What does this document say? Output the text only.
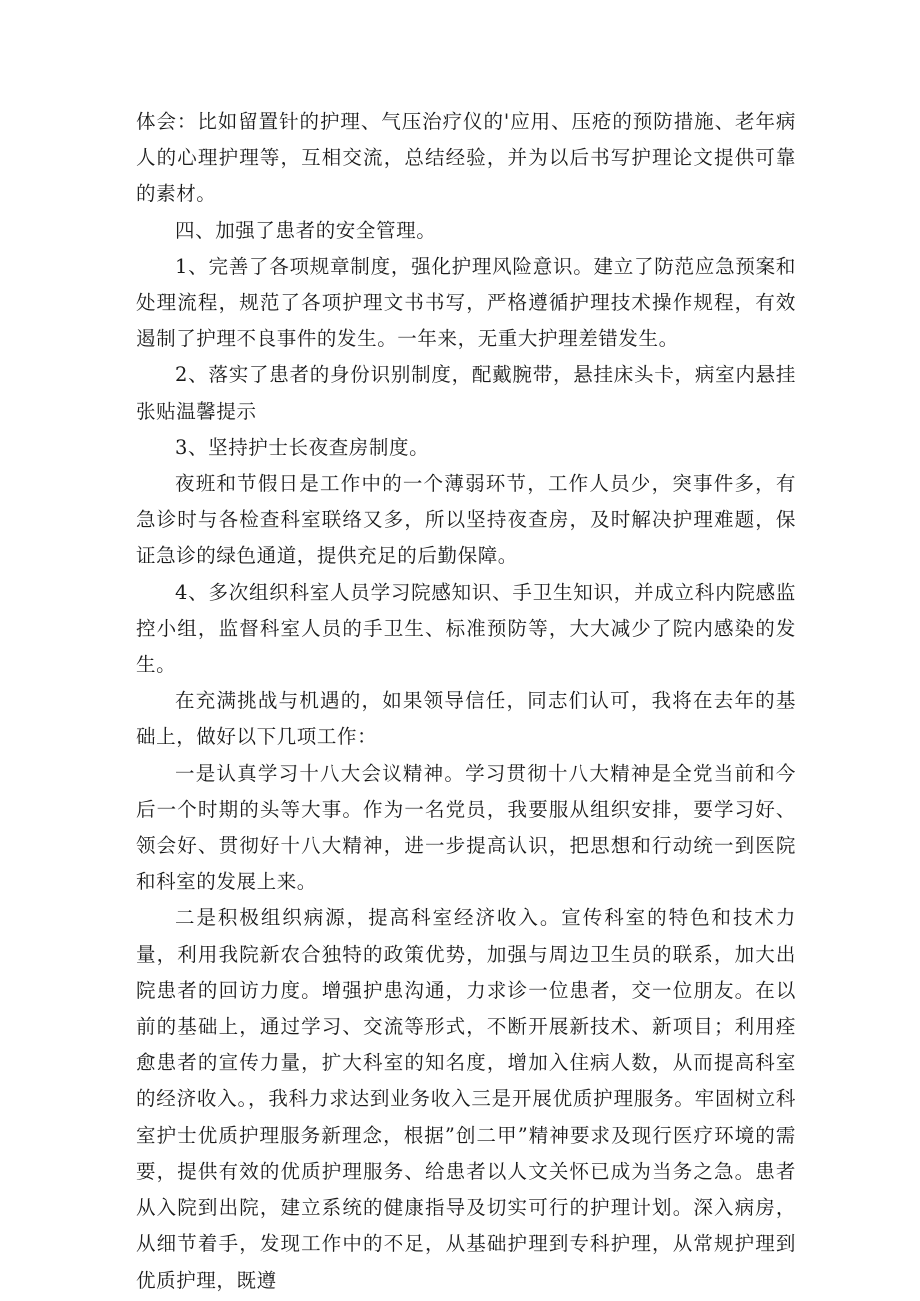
体会：比如留置针的护理、气压治疗仪的'应用、压疮的预防措施、老年病人的心理护理等，互相交流，总结经验，并为以后书写护理论文提供可靠的素材。

四、加强了患者的安全管理。

1、完善了各项规章制度，强化护理风险意识。建立了防范应急预案和处理流程，规范了各项护理文书书写，严格遵循护理技术操作规程，有效遏制了护理不良事件的发生。一年来，无重大护理差错发生。

2、落实了患者的身份识别制度，配戴腕带，悬挂床头卡，病室内悬挂张贴温馨提示

3、坚持护士长夜查房制度。

夜班和节假日是工作中的一个薄弱环节，工作人员少，突事件多，有急诊时与各检查科室联络又多，所以坚持夜查房，及时解决护理难题，保证急诊的绿色通道，提供充足的后勤保障。

4、多次组织科室人员学习院感知识、手卫生知识，并成立科内院感监控小组，监督科室人员的手卫生、标准预防等，大大减少了院内感染的发生。

在充满挑战与机遇的，如果领导信任，同志们认可，我将在去年的基础上，做好以下几项工作：

一是认真学习十八大会议精神。学习贯彻十八大精神是全党当前和今后一个时期的头等大事。作为一名党员，我要服从组织安排，要学习好、领会好、贯彻好十八大精神，进一步提高认识，把思想和行动统一到医院和科室的发展上来。

二是积极组织病源，提高科室经济收入。宣传科室的特色和技术力量，利用我院新农合独特的政策优势，加强与周边卫生员的联系，加大出院患者的回访力度。增强护患沟通，力求诊一位患者，交一位朋友。在以前的基础上，通过学习、交流等形式，不断开展新技术、新项目；利用痊愈患者的宣传力量，扩大科室的知名度，增加入住病人数，从而提高科室的经济收入。，我科力求达到业务收入三是开展优质护理服务。牢固树立科室护士优质护理服务新理念，根据”创二甲”精神要求及现行医疗环境的需要，提供有效的优质护理服务、给患者以人文关怀已成为当务之急。患者从入院到出院，建立系统的健康指导及切实可行的护理计划。深入病房，从细节着手，发现工作中的不足，从基础护理到专科护理，从常规护理到优质护理，既遵
